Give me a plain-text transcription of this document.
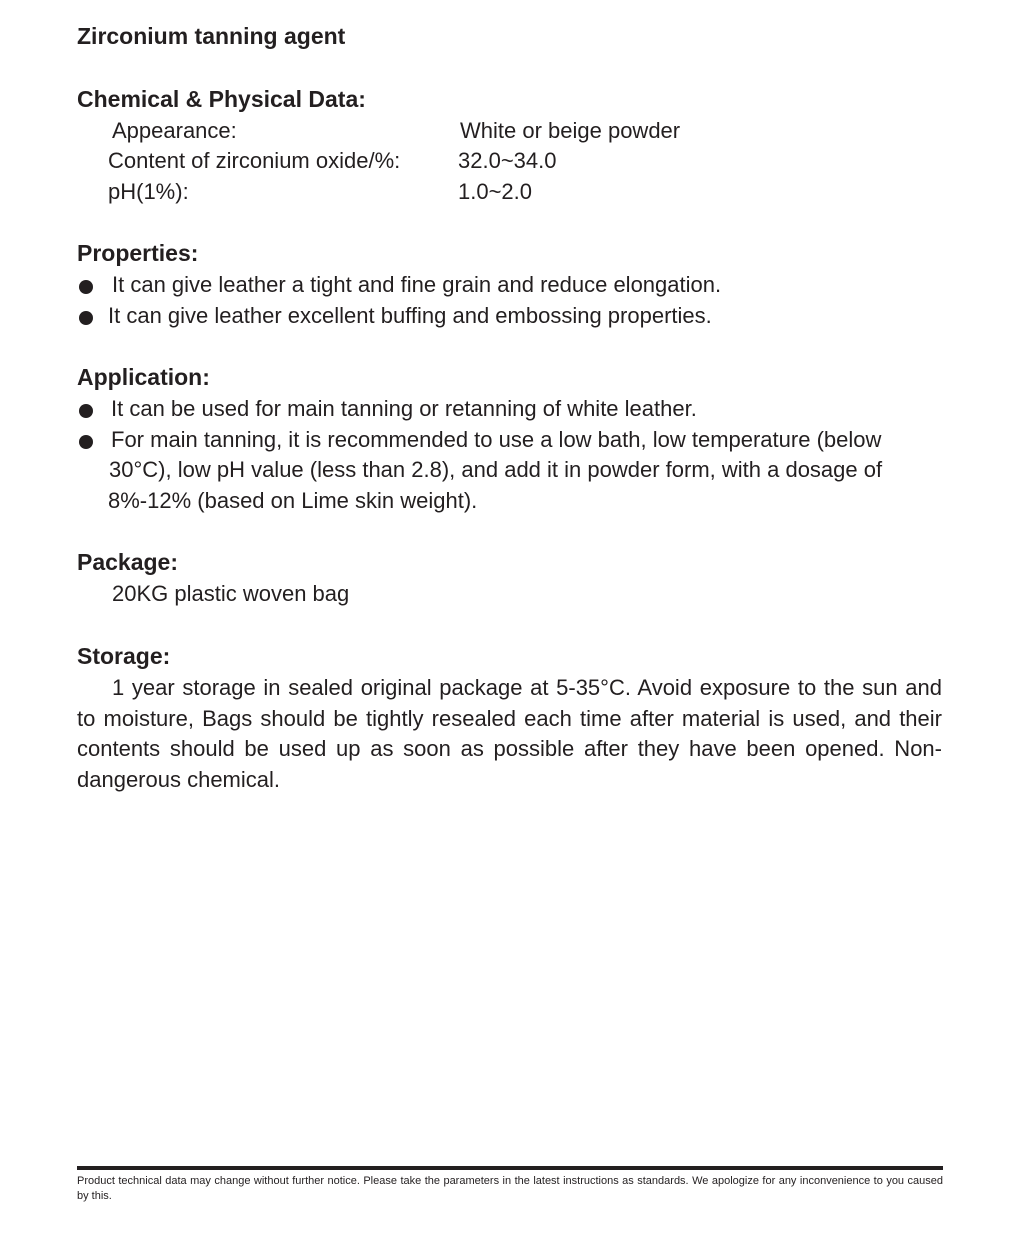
Zirconium tanning agent
Chemical & Physical Data:

Appearance:	White or beige powder

Content of zirconium oxide/%:	32.0~34.0

pH(1%):	1.0~2.0

Properties:

It can give leather a tight and fine grain and reduce elongation.

It can give leather excellent buffing and embossing properties.

Application:

It can be used for main tanning or retanning of white leather.

For main tanning, it is recommended to use a low bath, low temperature (below

30°C), low pH value (less than 2.8), and add it in powder form, with a dosage of

8%-12% (based on Lime skin weight).

Package:

20KG plastic woven bag

Storage:

1 year storage in sealed original package at 5-35°C. Avoid exposure to the sun and to moisture, Bags should be tightly resealed each time after material is used, and their contents should be used up as soon as possible after they have been opened. Non-dangerous chemical.

Product technical data may change without further notice. Please take the parameters in the latest instructions as standards. We apologize for any inconvenience to you caused by this.
